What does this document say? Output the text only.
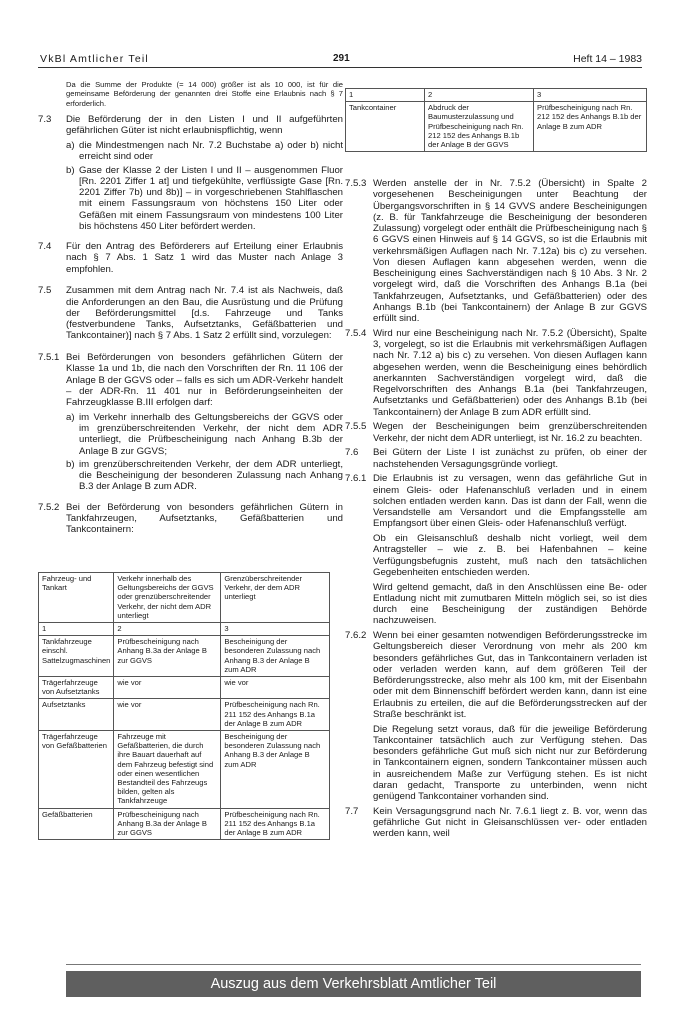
VkBl Amtlicher Teil	291	Heft 14 – 1983
Da die Summe der Produkte (= 14 000) größer ist als 10 000, ist für die gemeinsame Beförderung der genannten drei Stoffe eine Erlaubnis nach § 7 erforderlich.
7.3 Die Beförderung der in den Listen I und II aufgeführten gefährlichen Güter ist nicht erlaubnispflichtig, wenn
a) die Mindestmengen nach Nr. 7.2 Buchstabe a) oder b) nicht erreicht sind oder
b) Gase der Klasse 2 der Listen I und II – ausgenommen Fluor [Rn. 2201 Ziffer 1 at] und tiefgekühlte, verflüssigte Gase [Rn. 2201 Ziffer 7b) und 8b)] – in vorgeschriebenen Stahlflaschen mit einem Fassungsraum von höchstens 150 Liter oder Gefäßen mit einem Fassungsraum von mindestens 100 Liter bis höchstens 450 Liter befördert werden.
7.4 Für den Antrag des Beförderers auf Erteilung einer Erlaubnis nach § 7 Abs. 1 Satz 1 wird das Muster nach Anlage 3 empfohlen.
7.5 Zusammen mit dem Antrag nach Nr. 7.4 ist als Nachweis, daß die Anforderungen an den Bau, die Ausrüstung und die Prüfung der Beförderungsmittel [d.s. Fahrzeuge und Tanks (festverbundene Tanks, Aufsetztanks, Gefäßbatterien und Tankcontainer)] nach § 7 Abs. 1 Satz 2 erfüllt sind, vorzulegen:
7.5.1 Bei Beförderungen von besonders gefährlichen Gütern der Klasse 1a und 1b, die nach den Vorschriften der Rn. 11 106 der Anlage B der GGVS oder – falls es sich um ADR-Verkehr handelt – der ADR-Rn. 11 401 nur in Beförderungseinheiten der Fahrzeugklasse B.III erfolgen darf:
a) im Verkehr innerhalb des Geltungsbereichs der GGVS oder im grenzüberschreitenden Verkehr, der nicht dem ADR unterliegt, die Prüfbescheinigung nach Anhang B.3b der Anlage B zur GGVS;
b) im grenzüberschreitenden Verkehr, der dem ADR unterliegt, die Bescheinigung der besonderen Zulassung nach Anhang B.3 der Anlage B zum ADR.
7.5.2 Bei der Beförderung von besonders gefährlichen Gütern in Tankfahrzeugen, Aufsetztanks, Gefäßbatterien und Tankcontainern:
Fahrzeug- und Tankart	Verkehr innerhalb des Geltungsbereichs der GGVS oder grenzüberschreitender Verkehr, der nicht dem ADR unterliegt	Grenzüberschreitender Verkehr, der dem ADR unterliegt
1	2	3
Tankfahrzeuge einschl. Sattelzugmaschinen	Prüfbescheinigung nach Anhang B.3a der Anlage B zur GGVS	Bescheinigung der besonderen Zulassung nach Anhang B.3 der Anlage B zum ADR
Trägerfahrzeuge von Aufsetztanks	wie vor	wie vor
Aufsetztanks	wie vor	Prüfbescheinigung nach Rn. 211 152 des Anhangs B.1a der Anlage B zum ADR
Trägerfahrzeuge von Gefäßbatterien	Fahrzeuge mit Gefäßbatterien, die durch ihre Bauart dauerhaft auf dem Fahrzeug befestigt sind oder einen wesentlichen Bestandteil des Fahrzeugs bilden, gelten als Tankfahrzeuge	Bescheinigung der besonderen Zulassung nach Anhang B.3 der Anlage B zum ADR
Gefäßbatterien	Prüfbescheinigung nach Anhang B.3a der Anlage B zur GGVS	Prüfbescheinigung nach Rn. 211 152 des Anhangs B.1a der Anlage B zum ADR
1	2	3
Tankcontainer	Abdruck der Baumusterzulassung und Prüfbescheinigung nach Rn. 212 152 des Anhangs B.1b der Anlage B der GGVS	Prüfbescheinigung nach Rn. 212 152 des Anhangs B.1b der Anlage B zum ADR
7.5.3 Werden anstelle der in Nr. 7.5.2 (Übersicht) in Spalte 2 vorgesehenen Bescheinigungen unter Beachtung der Übergangsvorschriften in § 14 GVVS andere Bescheinigungen (z. B. für Tankfahrzeuge die Bescheinigung der besonderen Zulassung) vorgelegt oder enthält die Prüfbescheinigung nach § 6 GGVS einen Hinweis auf § 14 GGVS, so ist die Erlaubnis mit verkehrsmäßigen Auflagen nach Nr. 7.12a) bis c) zu versehen. Von diesen Auflagen kann abgesehen werden, wenn die Bescheinigung eines Sachverständigen nach § 10 Abs. 3 Nr. 2 vorgelegt wird, daß die Vorschriften des Anhangs B.1a (bei Tankfahrzeugen, Aufsetztanks, und Gefäßbatterien) oder des Anhangs B.1b (bei Tankcontainern) der Anlage B zur GGVS erfüllt sind.
7.5.4 Wird nur eine Bescheinigung nach Nr. 7.5.2 (Übersicht), Spalte 3, vorgelegt, so ist die Erlaubnis mit verkehrsmäßigen Auflagen nach Nr. 7.12 a) bis c) zu versehen. Von diesen Auflagen kann abgesehen werden, wenn die Bescheinigung eines behördlich anerkannten Sachverständigen vorgelegt wird, daß die Regelvorschriften des Anhangs B.1a (bei Tankfahrzeugen, Aufsetztanks und Gefäßbatterien) oder des Anhangs B.1b (bei Tankcontainern) der Anlage B zum ADR erfüllt sind.
7.5.5 Wegen der Bescheinigungen beim grenzüberschreitenden Verkehr, der nicht dem ADR unterliegt, ist Nr. 16.2 zu beachten.
7.6 Bei Gütern der Liste I ist zunächst zu prüfen, ob einer der nachstehenden Versagungsgründe vorliegt.
7.6.1 Die Erlaubnis ist zu versagen, wenn das gefährliche Gut in einem Gleis- oder Hafenanschluß verladen und in einem solchen entladen werden kann. Das ist dann der Fall, wenn die Versandstelle am Versandort und die Empfangsstelle am Empfangsort über einen Gleis- oder Hafenanschluß verfügt.
Ob ein Gleisanschluß deshalb nicht vorliegt, weil dem Antragsteller – wie z. B. bei Hafenbahnen – keine Verfügungsbefugnis zusteht, muß nach den tatsächlichen Gegebenheiten entschieden werden.
Wird geltend gemacht, daß in den Anschlüssen eine Be- oder Entladung nicht mit zumutbaren Mitteln möglich sei, so ist dies durch eine Bescheinigung der zuständigen Behörde nachzuweisen.
7.6.2 Wenn bei einer gesamten notwendigen Beförderungsstrecke im Geltungsbereich dieser Verordnung von mehr als 200 km besonders gefährliches Gut, das in Tankcontainern verladen ist oder verladen werden kann, auf dem größeren Teil der Beförderungsstrecke, also mehr als 100 km, mit der Eisenbahn oder mit dem Binnenschiff befördert werden kann, dann ist eine Erlaubnis zu erteilen, die auf die Beförderungsstrecken auf der Straße beschränkt ist.
Die Regelung setzt voraus, daß für die jeweilige Beförderung Tankcontainer tatsächlich auch zur Verfügung stehen. Das besonders gefährliche Gut muß sich nicht nur zur Beförderung in Tankcontainern eignen, sondern Tankcontainer müssen auch in ausreichendem Maße zur Verfügung stehen. Es ist nicht daran gedacht, Transporte zu unterbinden, wenn nicht genügend Tankcontainer vorhanden sind.
7.7 Kein Versagungsgrund nach Nr. 7.6.1 liegt z. B. vor, wenn das gefährliche Gut nicht in Gleisanschlüssen ver- oder entladen werden kann, weil
Auszug aus dem Verkehrsblatt Amtlicher Teil
